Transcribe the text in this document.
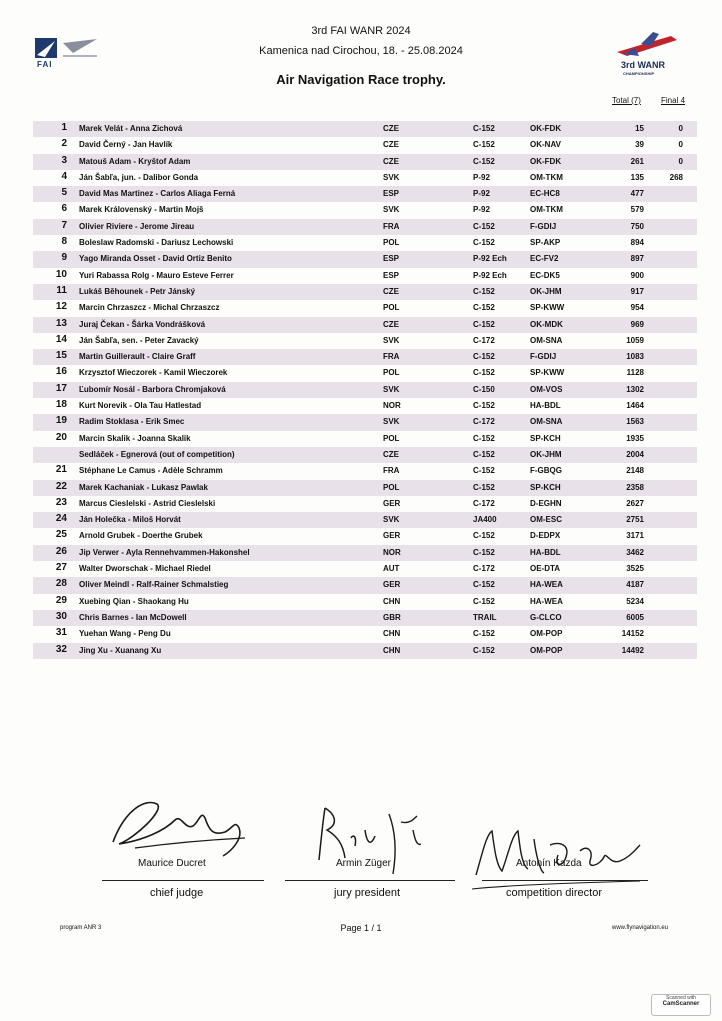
3rd FAI WANR 2024
Kamenica nad Cirochou, 18. - 25.08.2024
Air Navigation Race trophy.
FAI	3rd WANR
CHAMPIONSHIP
Total (7)	Final 4
1 Marek Velát - Anna Zichová	CZE	C-152	OK-FDK	15	0
2 David Černý - Jan Havlík	CZE	C-152	OK-NAV	39	0
3 Matouš Adam - Kryštof Adam	CZE	C-152	OK-FDK	261	0
4 Ján Šabľa, jun. - Dalibor Gonda	SVK	P-92	OM-TKM	135	268
5 David Mas Martinez - Carlos Aliaga Ferná	ESP	P-92	EC-HC8	477
6 Marek Královenský - Martin Mojš	SVK	P-92	OM-TKM	579
7 Olivier Riviere - Jerome Jireau	FRA	C-152	F-GDIJ	750
8 Boleslaw Radomski - Dariusz Lechowski	POL	C-152	SP-AKP	894
9 Yago Miranda Osset - David Ortiz Benito	ESP	P-92 Ech	EC-FV2	897
10 Yuri Rabassa Rolg - Mauro Esteve Ferrer	ESP	P-92 Ech	EC-DK5	900
11 Lukáš Běhounek - Petr Jánský	CZE	C-152	OK-JHM	917
12 Marcin Chrzaszcz - Michal Chrzaszcz	POL	C-152	SP-KWW	954
13 Juraj Čekan - Šárka Vondrášková	CZE	C-152	OK-MDK	969
14 Ján Šabľa, sen. - Peter Zavacký	SVK	C-172	OM-SNA	1059
15 Martin Guillerault - Claire Graff	FRA	C-152	F-GDIJ	1083
16 Krzysztof Wieczorek - Kamil Wieczorek	POL	C-152	SP-KWW	1128
17 Ľubomír Nosál - Barbora Chromjaková	SVK	C-150	OM-VOS	1302
18 Kurt Norevik - Ola Tau Hatlestad	NOR	C-152	HA-BDL	1464
19 Radim Stoklasa - Erik Smec	SVK	C-172	OM-SNA	1563
20 Marcin Skalik - Joanna Skalik	POL	C-152	SP-KCH	1935
Sedláček - Egnerová (out of competition)	CZE	C-152	OK-JHM	2004
21 Stéphane Le Camus - Adèle Schramm	FRA	C-152	F-GBQG	2148
22 Marek Kachaniak - Lukasz Pawlak	POL	C-152	SP-KCH	2358
23 Marcus Cieslelski - Astrid Cieslelski	GER	C-172	D-EGHN	2627
24 Ján Holečka - Miloš Horvát	SVK	JA400	OM-ESC	2751
25 Arnold Grubek - Doerthe Grubek	GER	C-152	D-EDPX	3171
26 Jip Verwer - Ayla Rennehvammen-Hakonshel	NOR	C-152	HA-BDL	3462
27 Walter Dworschak - Michael Riedel	AUT	C-172	OE-DTA	3525
28 Oliver Meindl - Ralf-Rainer Schmalstieg	GER	C-152	HA-WEA	4187
29 Xuebing Qian - Shaokang Hu	CHN	C-152	HA-WEA	5234
30 Chris Barnes - Ian McDowell	GBR	TRAIL	G-CLCO	6005
31 Yuehan Wang - Peng Du	CHN	C-152	OM-POP	14152
32 Jing Xu - Xuanang Xu	CHN	C-152	OM-POP	14492
Maurice Ducret
chief judge
Armin Züger
jury president
Antonín Kazda
competition director
program ANR 3	Page 1 / 1	www.flynavigation.eu
Scanned with
CamScanner
